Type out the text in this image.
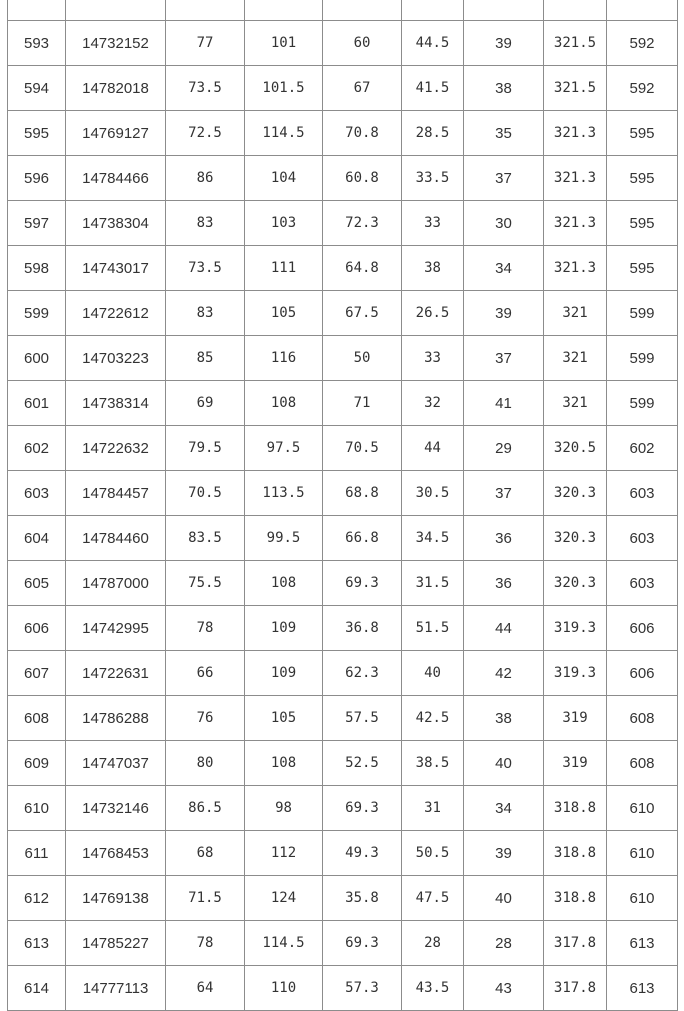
593	14732152	77	101	60	44.5	39	321.5	592
594	14782018	73.5	101.5	67	41.5	38	321.5	592
595	14769127	72.5	114.5	70.8	28.5	35	321.3	595
596	14784466	86	104	60.8	33.5	37	321.3	595
597	14738304	83	103	72.3	33	30	321.3	595
598	14743017	73.5	111	64.8	38	34	321.3	595
599	14722612	83	105	67.5	26.5	39	321	599
600	14703223	85	116	50	33	37	321	599
601	14738314	69	108	71	32	41	321	599
602	14722632	79.5	97.5	70.5	44	29	320.5	602
603	14784457	70.5	113.5	68.8	30.5	37	320.3	603
604	14784460	83.5	99.5	66.8	34.5	36	320.3	603
605	14787000	75.5	108	69.3	31.5	36	320.3	603
606	14742995	78	109	36.8	51.5	44	319.3	606
607	14722631	66	109	62.3	40	42	319.3	606
608	14786288	76	105	57.5	42.5	38	319	608
609	14747037	80	108	52.5	38.5	40	319	608
610	14732146	86.5	98	69.3	31	34	318.8	610
611	14768453	68	112	49.3	50.5	39	318.8	610
612	14769138	71.5	124	35.8	47.5	40	318.8	610
613	14785227	78	114.5	69.3	28	28	317.8	613
614	14777113	64	110	57.3	43.5	43	317.8	613
